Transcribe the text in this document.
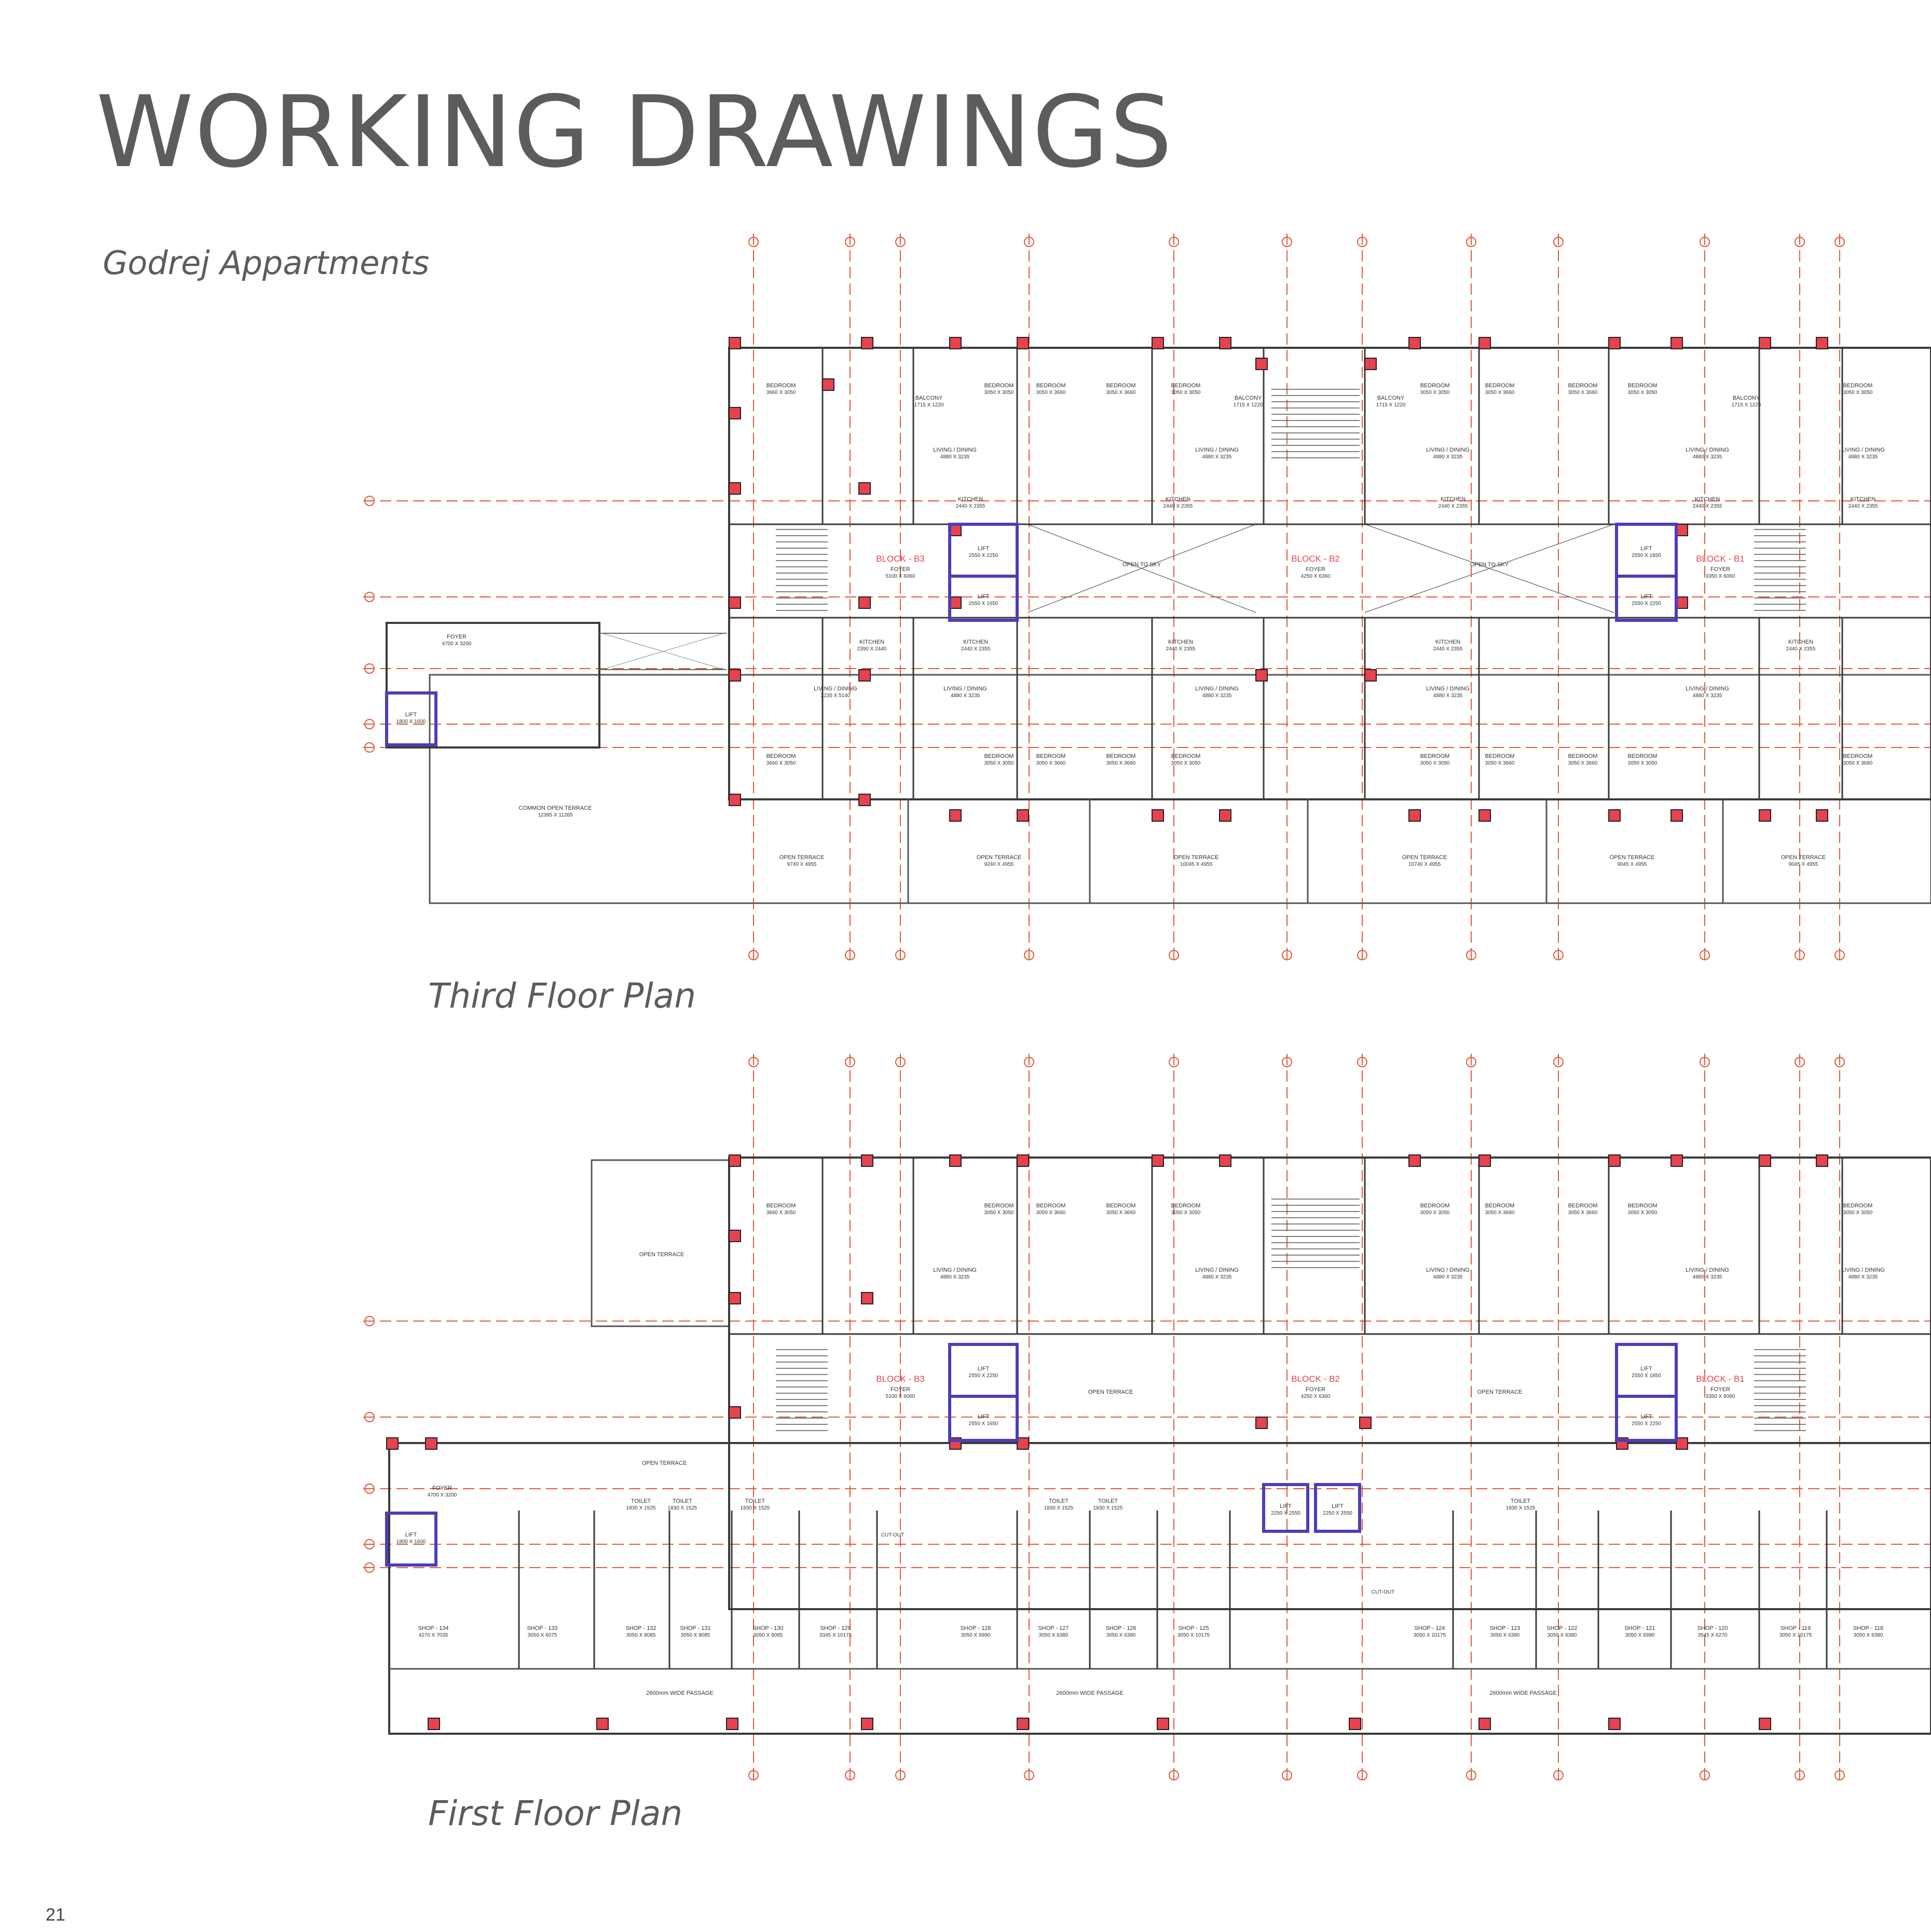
WORKING DRAWINGS
Godrej Appartments
OPEN TO SKY	OPEN TO SKY
LIFT
2550 X 2250
LIFT
2550 X 1650
LIFT
2550 X 1850
LIFT
2550 X 2250
LIFT
1800 X 1600
FOYER
4700 X 3200
BLOCK - B3
FOYER
5100 X 6060
BLOCK - B2
FOYER
4250 X 6360
BLOCK - B1
FOYER
3350 X 6060
BEDROOM
3660 X 3050
BEDROOM
3050 X 3050
BEDROOM
3050 X 3660
BEDROOM
3050 X 3660
BEDROOM
3050 X 3050
BEDROOM
3050 X 3050
BEDROOM
3050 X 3660
BEDROOM
3050 X 3660
BEDROOM
3050 X 3050
BEDROOM
3050 X 3050
LIVING / DINING
4880 X 3235
LIVING / DINING
4880 X 3235
LIVING / DINING
4880 X 3235
LIVING / DINING
4880 X 3235
LIVING / DINING
4880 X 3235
KITCHEN
2440 X 2355
KITCHEN
2440 X 2355
KITCHEN
2440 X 2355
KITCHEN
2440 X 2355
KITCHEN
2440 X 2355
BEDROOM
3660 X 3050
BEDROOM
3050 X 3050
BEDROOM
3050 X 3660
BEDROOM
3050 X 3660
BEDROOM
3050 X 3050
BEDROOM
3050 X 3050
BEDROOM
3050 X 3660
BEDROOM
3050 X 3660
BEDROOM
3050 X 3050
BEDROOM
3050 X 3660
LIVING / DINING
3235 X 5140
LIVING / DINING
4880 X 3235
LIVING / DINING
4880 X 3235
LIVING / DINING
4880 X 3235
LIVING / DINING
4880 X 3235
KITCHEN
2390 X 2440
KITCHEN
2440 X 2355
KITCHEN
2440 X 2355
KITCHEN
2440 X 2355
KITCHEN
2440 X 2355
BALCONY
1715 X 1220
BALCONY
1715 X 1220
BALCONY
1715 X 1220
BALCONY
1715 X 1220
COMMON OPEN TERRACE
12395 X 11265
OPEN TERRACE
9740 X 4955
OPEN TERRACE
9240 X 4955
OPEN TERRACE
10045 X 4955
OPEN TERRACE
10740 X 4955
OPEN TERRACE
9045 X 4955
OPEN TERRACE
9045 X 4955
Third Floor Plan
OPEN TERRACE
OPEN TERRACE	OPEN TERRACE
OPEN TERRACE
SHOP - 134
4270 X 7035
SHOP - 133
3050 X 6075
SHOP - 132
3050 X 8085
SHOP - 131
3050 X 8085
SHOP - 130
3050 X 8085
SHOP - 129
3345 X 10175
SHOP - 128
3050 X 6990
SHOP - 127
3050 X 6380
SHOP - 126
3050 X 6380
SHOP - 125
3050 X 10175
SHOP - 124
3050 X 10175
SHOP - 123
3050 X 6380
SHOP - 122
3050 X 6380
SHOP - 121
3050 X 6990
SHOP - 120
3545 X 6270
SHOP - 119
3050 X 10175
SHOP - 118
3050 X 6380
2600mm WIDE PASSAGE	2600mm WIDE PASSAGE	2600mm WIDE PASSAGE
TOILET
1830 X 1525
TOILET
1830 X 1525
TOILET
1830 X 1525
TOILET
1830 X 1525
TOILET
1830 X 1525
TOILET
1830 X 1525
CUT-OUT
CUT-OUT
LIFT
2550 X 2250
LIFT
2550 X 1650
LIFT
2550 X 1850
LIFT
2550 X 2250
LIFT
2250 X 2550
LIFT
2250 X 2550
LIFT
1800 X 1600
FOYER
4700 X 3200
BLOCK - B3
FOYER
5100 X 6060
BLOCK - B2
FOYER
4250 X 6360
BLOCK - B1
FOYER
3350 X 6060
BEDROOM
3660 X 3050
BEDROOM
3050 X 3050
BEDROOM
3050 X 3660
BEDROOM
3050 X 3660
BEDROOM
3050 X 3050
BEDROOM
3050 X 3050
BEDROOM
3050 X 3660
BEDROOM
3050 X 3660
BEDROOM
3050 X 3050
BEDROOM
3050 X 3050
LIVING / DINING
4880 X 3235
LIVING / DINING
4880 X 3235
LIVING / DINING
4880 X 3235
LIVING / DINING
4880 X 3235
LIVING / DINING
4880 X 3235
First Floor Plan
21
